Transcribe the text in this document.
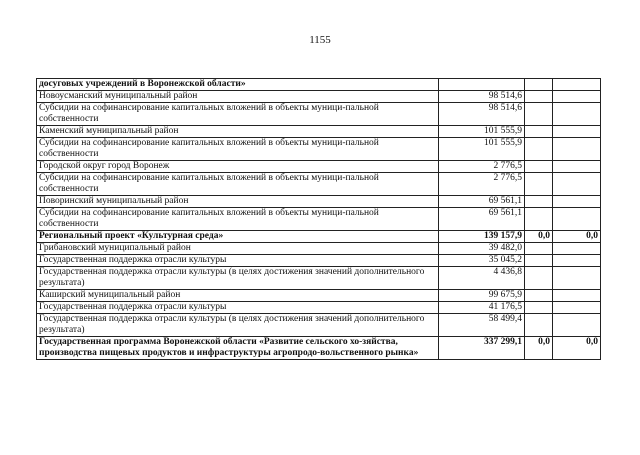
1155
досуговых учреждений в Воронежской области»			
Новоусманский муниципальный район	98 514,6		
Субсидии на софинансирование капитальных вложений в объекты муници-пальной собственности	98 514,6		
Каменский муниципальный район	101 555,9		
Субсидии на софинансирование капитальных вложений в объекты муници-пальной собственности	101 555,9		
Городской округ город Воронеж	2 776,5		
Субсидии на софинансирование капитальных вложений в объекты муници-пальной собственности	2 776,5		
Поворинский муниципальный район	69 561,1		
Субсидии на софинансирование капитальных вложений в объекты муници-пальной собственности	69 561,1		
Региональный проект «Культурная среда»	139 157,9	0,0	0,0
Грибановский муниципальный район	39 482,0		
Государственная поддержка отрасли культуры	35 045,2		
Государственная поддержка отрасли культуры (в целях достижения значений дополнительного результата)	4 436,8		
Каширский муниципальный район	99 675,9		
Государственная поддержка отрасли культуры	41 176,5		
Государственная поддержка отрасли культуры (в целях достижения значений дополнительного результата)	58 499,4		
Государственная программа Воронежской области «Развитие сельского хо-зяйства, производства пищевых продуктов и инфраструктуры агропродо-вольственного рынка»	337 299,1	0,0	0,0
